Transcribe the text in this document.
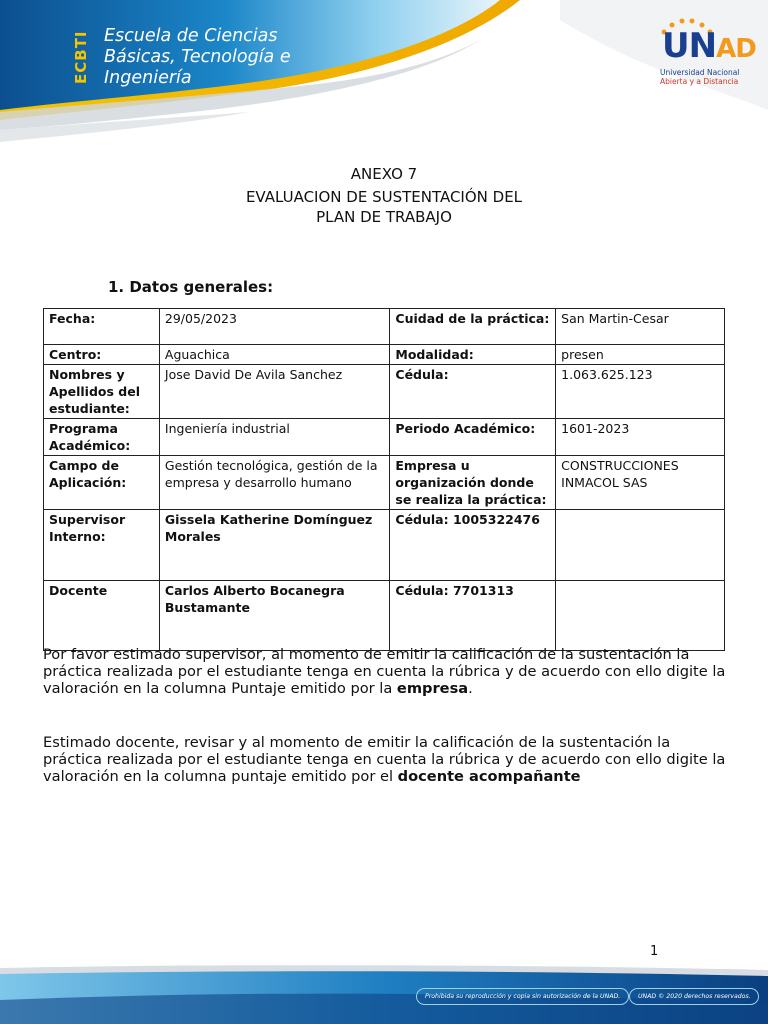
ECBTI Escuela de Ciencias
Básicas, Tecnología e
Ingeniería
UNAD
Universidad Nacional
Abierta y a Distancia
ANEXO 7
EVALUACION DE SUSTENTACIÓN DEL
PLAN DE TRABAJO
1. Datos generales:
Fecha:	29/05/2023	Cuidad de la práctica:	San Martin-Cesar
Centro:	Aguachica	Modalidad:	presen
Nombres y Apellidos del estudiante:	Jose David De Avila Sanchez	Cédula:	1.063.625.123
Programa Académico:	Ingeniería industrial	Periodo Académico:	1601-2023
Campo de Aplicación:	Gestión tecnológica, gestión de la empresa y desarrollo humano	Empresa u organización donde se realiza la práctica:	CONSTRUCCIONES INMACOL SAS
Supervisor Interno:	Gissela Katherine Domínguez Morales	Cédula: 1005322476	
Docente	Carlos Alberto Bocanegra Bustamante	Cédula: 7701313	
Por favor estimado supervisor, al momento de emitir la calificación de la sustentación la práctica realizada por el estudiante tenga en cuenta la rúbrica y de acuerdo con ello digite la valoración en la columna Puntaje emitido por la empresa.
Estimado docente, revisar y al momento de emitir la calificación de la sustentación la práctica realizada por el estudiante tenga en cuenta la rúbrica y de acuerdo con ello digite la valoración en la columna puntaje emitido por el docente acompañante
1
Prohibida su reproducción y copia sin autorización de la UNAD.	UNAD © 2020 derechos reservados.
